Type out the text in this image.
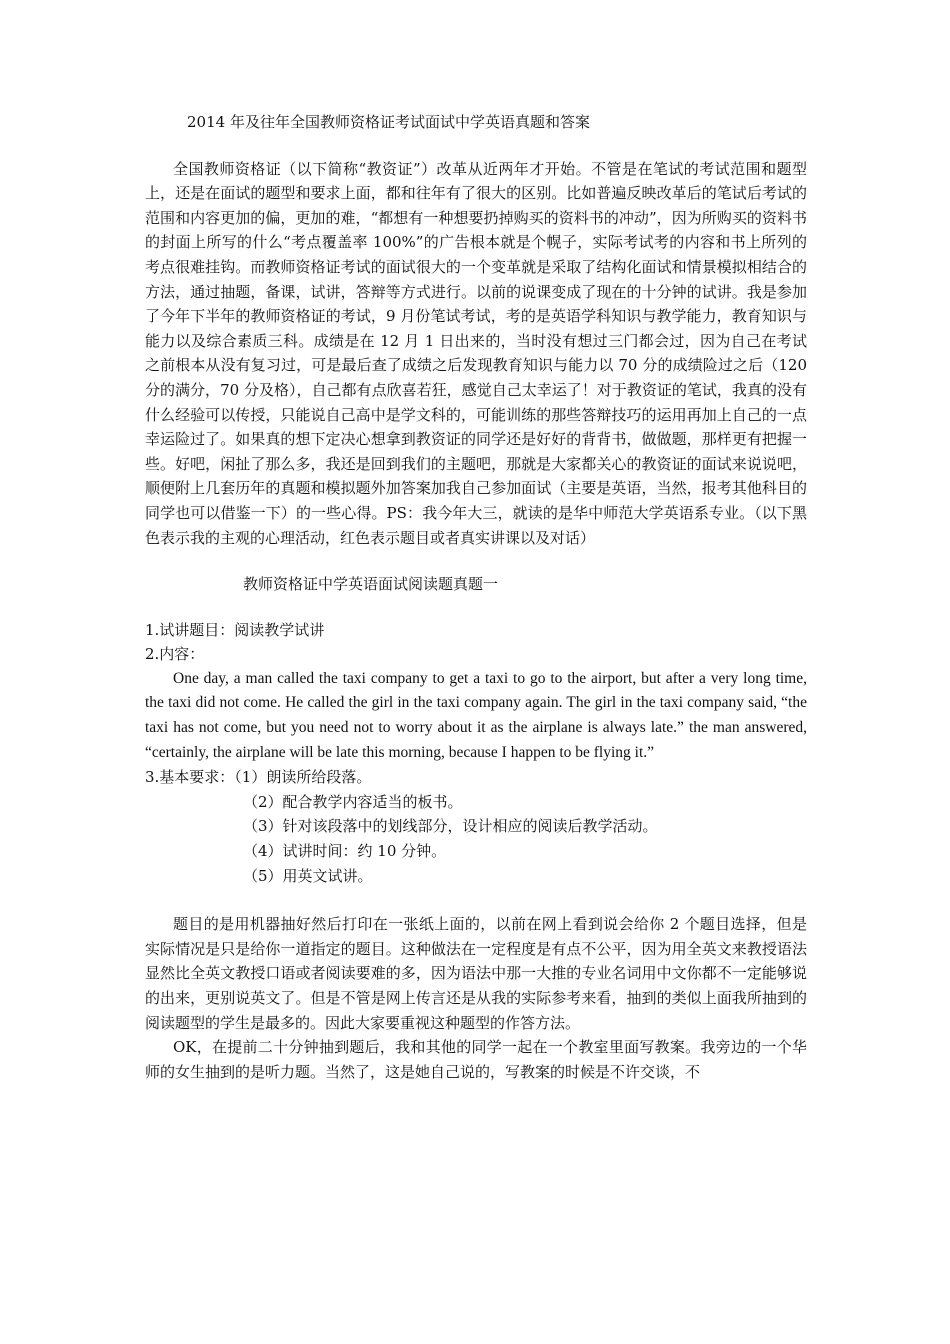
2014 年及往年全国教师资格证考试面试中学英语真题和答案

全国教师资格证（以下简称“教资证”）改革从近两年才开始。不管是在笔试的考试范围和题型上，还是在面试的题型和要求上面，都和往年有了很大的区别。比如普遍反映改革后的笔试后考试的范围和内容更加的偏，更加的难，“都想有一种想要扔掉购买的资料书的冲动”，因为所购买的资料书的封面上所写的什么“考点覆盖率 100%”的广告根本就是个幌子，实际考试考的内容和书上所列的考点很难挂钩。而教师资格证考试的面试很大的一个变革就是采取了结构化面试和情景模拟相结合的方法，通过抽题，备课，试讲，答辩等方式进行。以前的说课变成了现在的十分钟的试讲。我是参加了今年下半年的教师资格证的考试，9 月份笔试考试，考的是英语学科知识与教学能力，教育知识与能力以及综合素质三科。成绩是在 12 月 1 日出来的，当时没有想过三门都会过，因为自己在考试之前根本从没有复习过，可是最后查了成绩之后发现教育知识与能力以 70 分的成绩险过之后（120 分的满分，70 分及格），自己都有点欣喜若狂，感觉自己太幸运了！对于教资证的笔试，我真的没有什么经验可以传授，只能说自己高中是学文科的，可能训练的那些答辩技巧的运用再加上自己的一点幸运险过了。如果真的想下定决心想拿到教资证的同学还是好好的背背书，做做题，那样更有把握一些。好吧，闲扯了那么多，我还是回到我们的主题吧，那就是大家都关心的教资证的面试来说说吧，顺便附上几套历年的真题和模拟题外加答案加我自己参加面试（主要是英语，当然，报考其他科目的同学也可以借鉴一下）的一些心得。PS：我今年大三，就读的是华中师范大学英语系专业。（以下黑色表示我的主观的心理活动，红色表示题目或者真实讲课以及对话）

教师资格证中学英语面试阅读题真题一

1.试讲题目：阅读教学试讲

2.内容：

One day, a man called the taxi company to get a taxi to go to the airport, but after a very long time, the taxi did not come. He called the girl in the taxi company again. The girl in the taxi company said, “the taxi has not come, but you need not to worry about it as the airplane is always late.” the man answered, “certainly, the airplane will be late this morning, because I happen to be flying it.”

3.基本要求：（1）朗读所给段落。

（2）配合教学内容适当的板书。

（3）针对该段落中的划线部分，设计相应的阅读后教学活动。

（4）试讲时间：约 10 分钟。

（5）用英文试讲。

题目的是用机器抽好然后打印在一张纸上面的，以前在网上看到说会给你 2 个题目选择，但是实际情况是只是给你一道指定的题目。这种做法在一定程度是有点不公平，因为用全英文来教授语法显然比全英文教授口语或者阅读要难的多，因为语法中那一大推的专业名词用中文你都不一定能够说的出来，更别说英文了。但是不管是网上传言还是从我的实际参考来看，抽到的类似上面我所抽到的阅读题型的学生是最多的。因此大家要重视这种题型的作答方法。

OK，在提前二十分钟抽到题后，我和其他的同学一起在一个教室里面写教案。我旁边的一个华师的女生抽到的是听力题。当然了，这是她自己说的，写教案的时候是不许交谈，不
